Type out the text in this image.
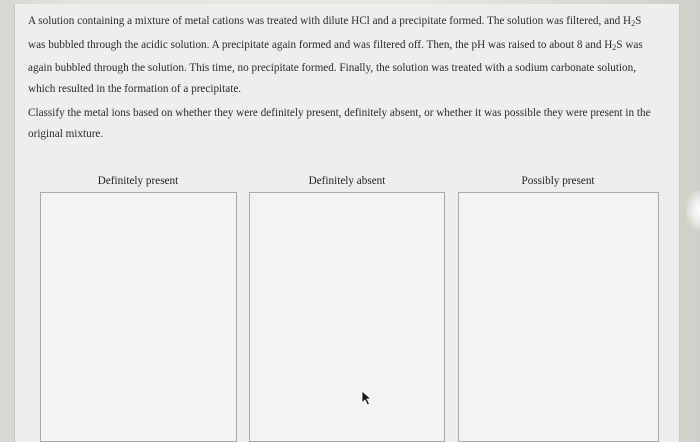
A solution containing a mixture of metal cations was treated with dilute HCl and a precipitate formed. The solution was filtered, and $H_2S$ was bubbled through the acidic solution. A precipitate again formed and was filtered off. Then, the pH was raised to about 8 and $H_2S$ was again bubbled through the solution. This time, no precipitate formed. Finally, the solution was treated with a sodium carbonate solution, which resulted in the formation of a precipitate.

Classify the metal ions based on whether they were definitely present, definitely absent, or whether it was possible they were present in the original mixture.

Definitely present	Definitely absent	Possibly present
